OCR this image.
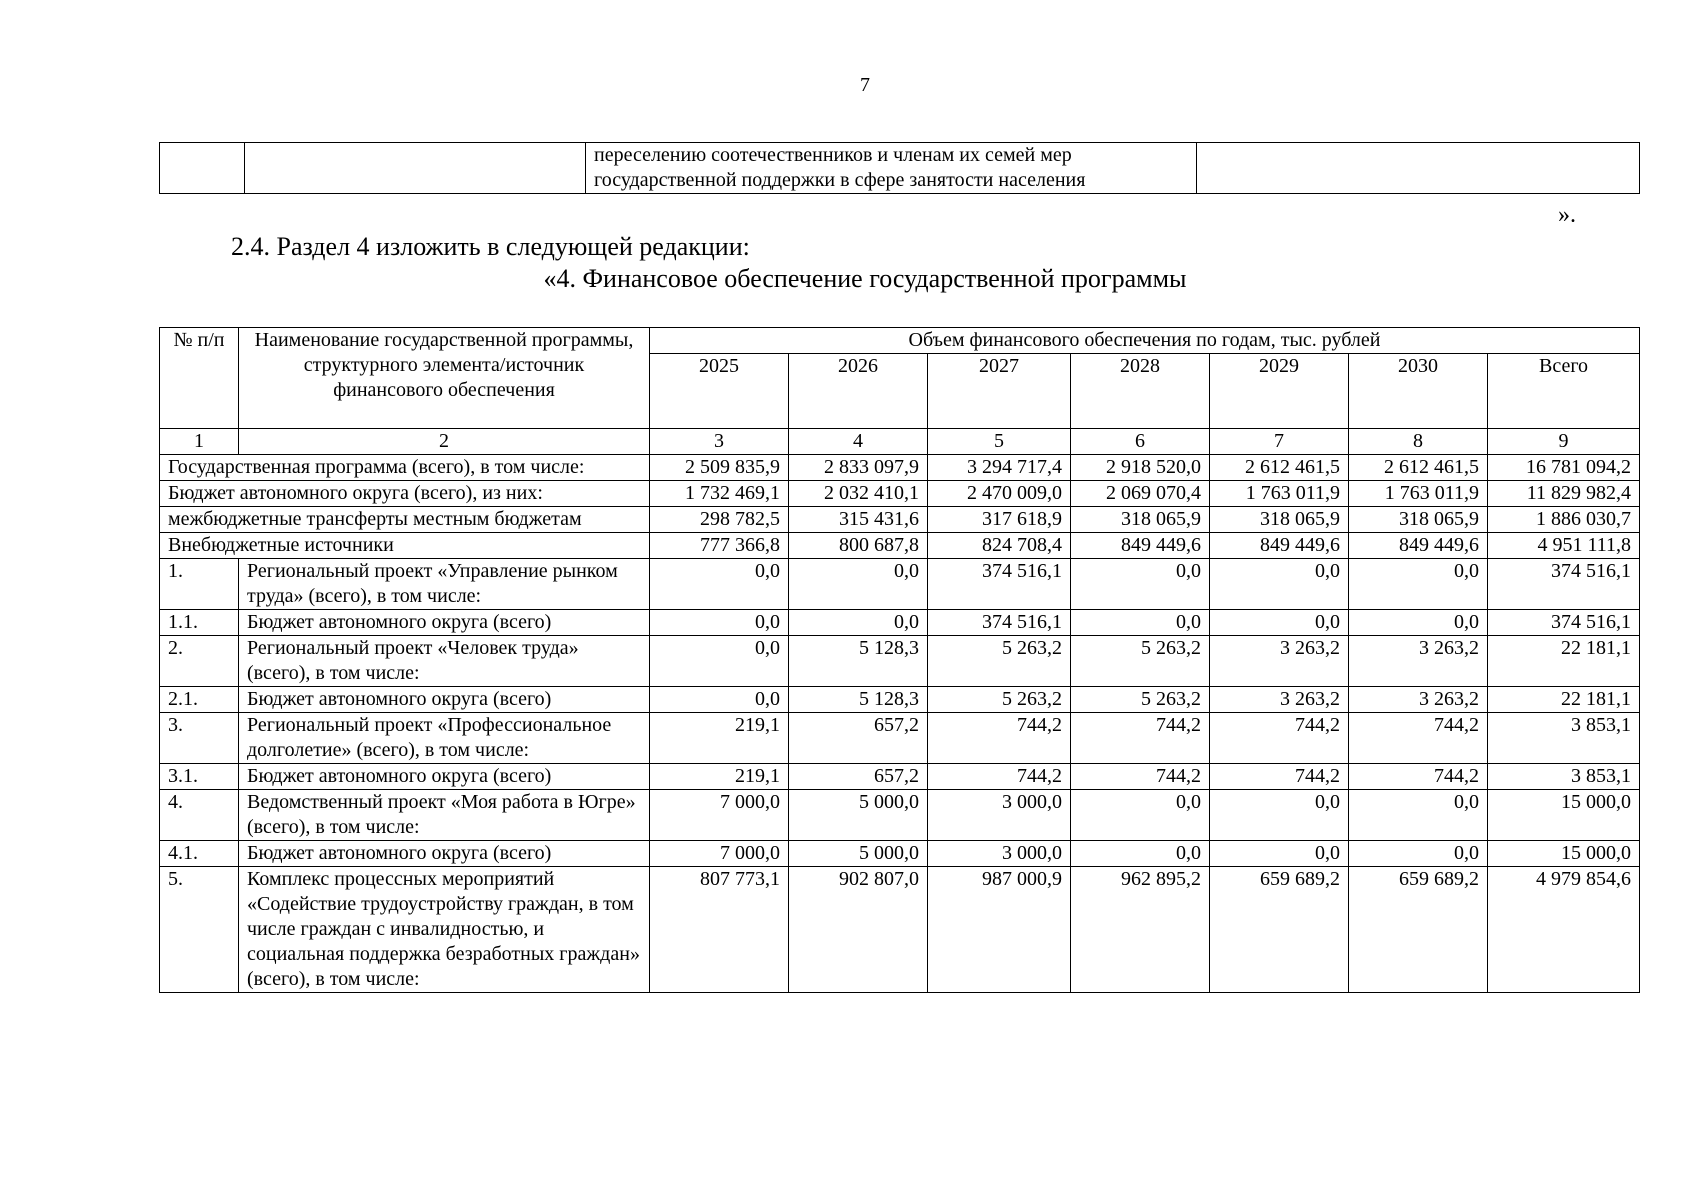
7

переселению соотечественников и членам их семей мер
государственной поддержки в сфере занятости населения

».
2.4. Раздел 4 изложить в следующей редакции:
«4. Финансовое обеспечение государственной программы
№ п/п	Наименование государственной программы, структурного элемента/источник финансового обеспечения	Объем финансового обеспечения по годам, тыс. рублей						
		2025	2026	2027	2028	2029	2030	Всего
1	2	3	4	5	6	7	8	9
Государственная программа (всего), в том числе:		2 509 835,9	2 833 097,9	3 294 717,4	2 918 520,0	2 612 461,5	2 612 461,5	16 781 094,2
Бюджет автономного округа (всего), из них:		1 732 469,1	2 032 410,1	2 470 009,0	2 069 070,4	1 763 011,9	1 763 011,9	11 829 982,4
межбюджетные трансферты местным бюджетам		298 782,5	315 431,6	317 618,9	318 065,9	318 065,9	318 065,9	1 886 030,7
Внебюджетные источники		777 366,8	800 687,8	824 708,4	849 449,6	849 449,6	849 449,6	4 951 111,8
1.	Региональный проект «Управление рынком труда» (всего), в том числе:	0,0	0,0	374 516,1	0,0	0,0	0,0	374 516,1
1.1.	Бюджет автономного округа (всего)	0,0	0,0	374 516,1	0,0	0,0	0,0	374 516,1
2.	Региональный проект «Человек труда» (всего), в том числе:	0,0	5 128,3	5 263,2	5 263,2	3 263,2	3 263,2	22 181,1
2.1.	Бюджет автономного округа (всего)	0,0	5 128,3	5 263,2	5 263,2	3 263,2	3 263,2	22 181,1
3.	Региональный проект «Профессиональное долголетие» (всего), в том числе:	219,1	657,2	744,2	744,2	744,2	744,2	3 853,1
3.1.	Бюджет автономного округа (всего)	219,1	657,2	744,2	744,2	744,2	744,2	3 853,1
4.	Ведомственный проект «Моя работа в Югре» (всего), в том числе:	7 000,0	5 000,0	3 000,0	0,0	0,0	0,0	15 000,0
4.1.	Бюджет автономного округа (всего)	7 000,0	5 000,0	3 000,0	0,0	0,0	0,0	15 000,0
5.	Комплекс процессных мероприятий «Содействие трудоустройству граждан, в том числе граждан с инвалидностью, и социальная поддержка безработных граждан» (всего), в том числе:	807 773,1	902 807,0	987 000,9	962 895,2	659 689,2	659 689,2	4 979 854,6
